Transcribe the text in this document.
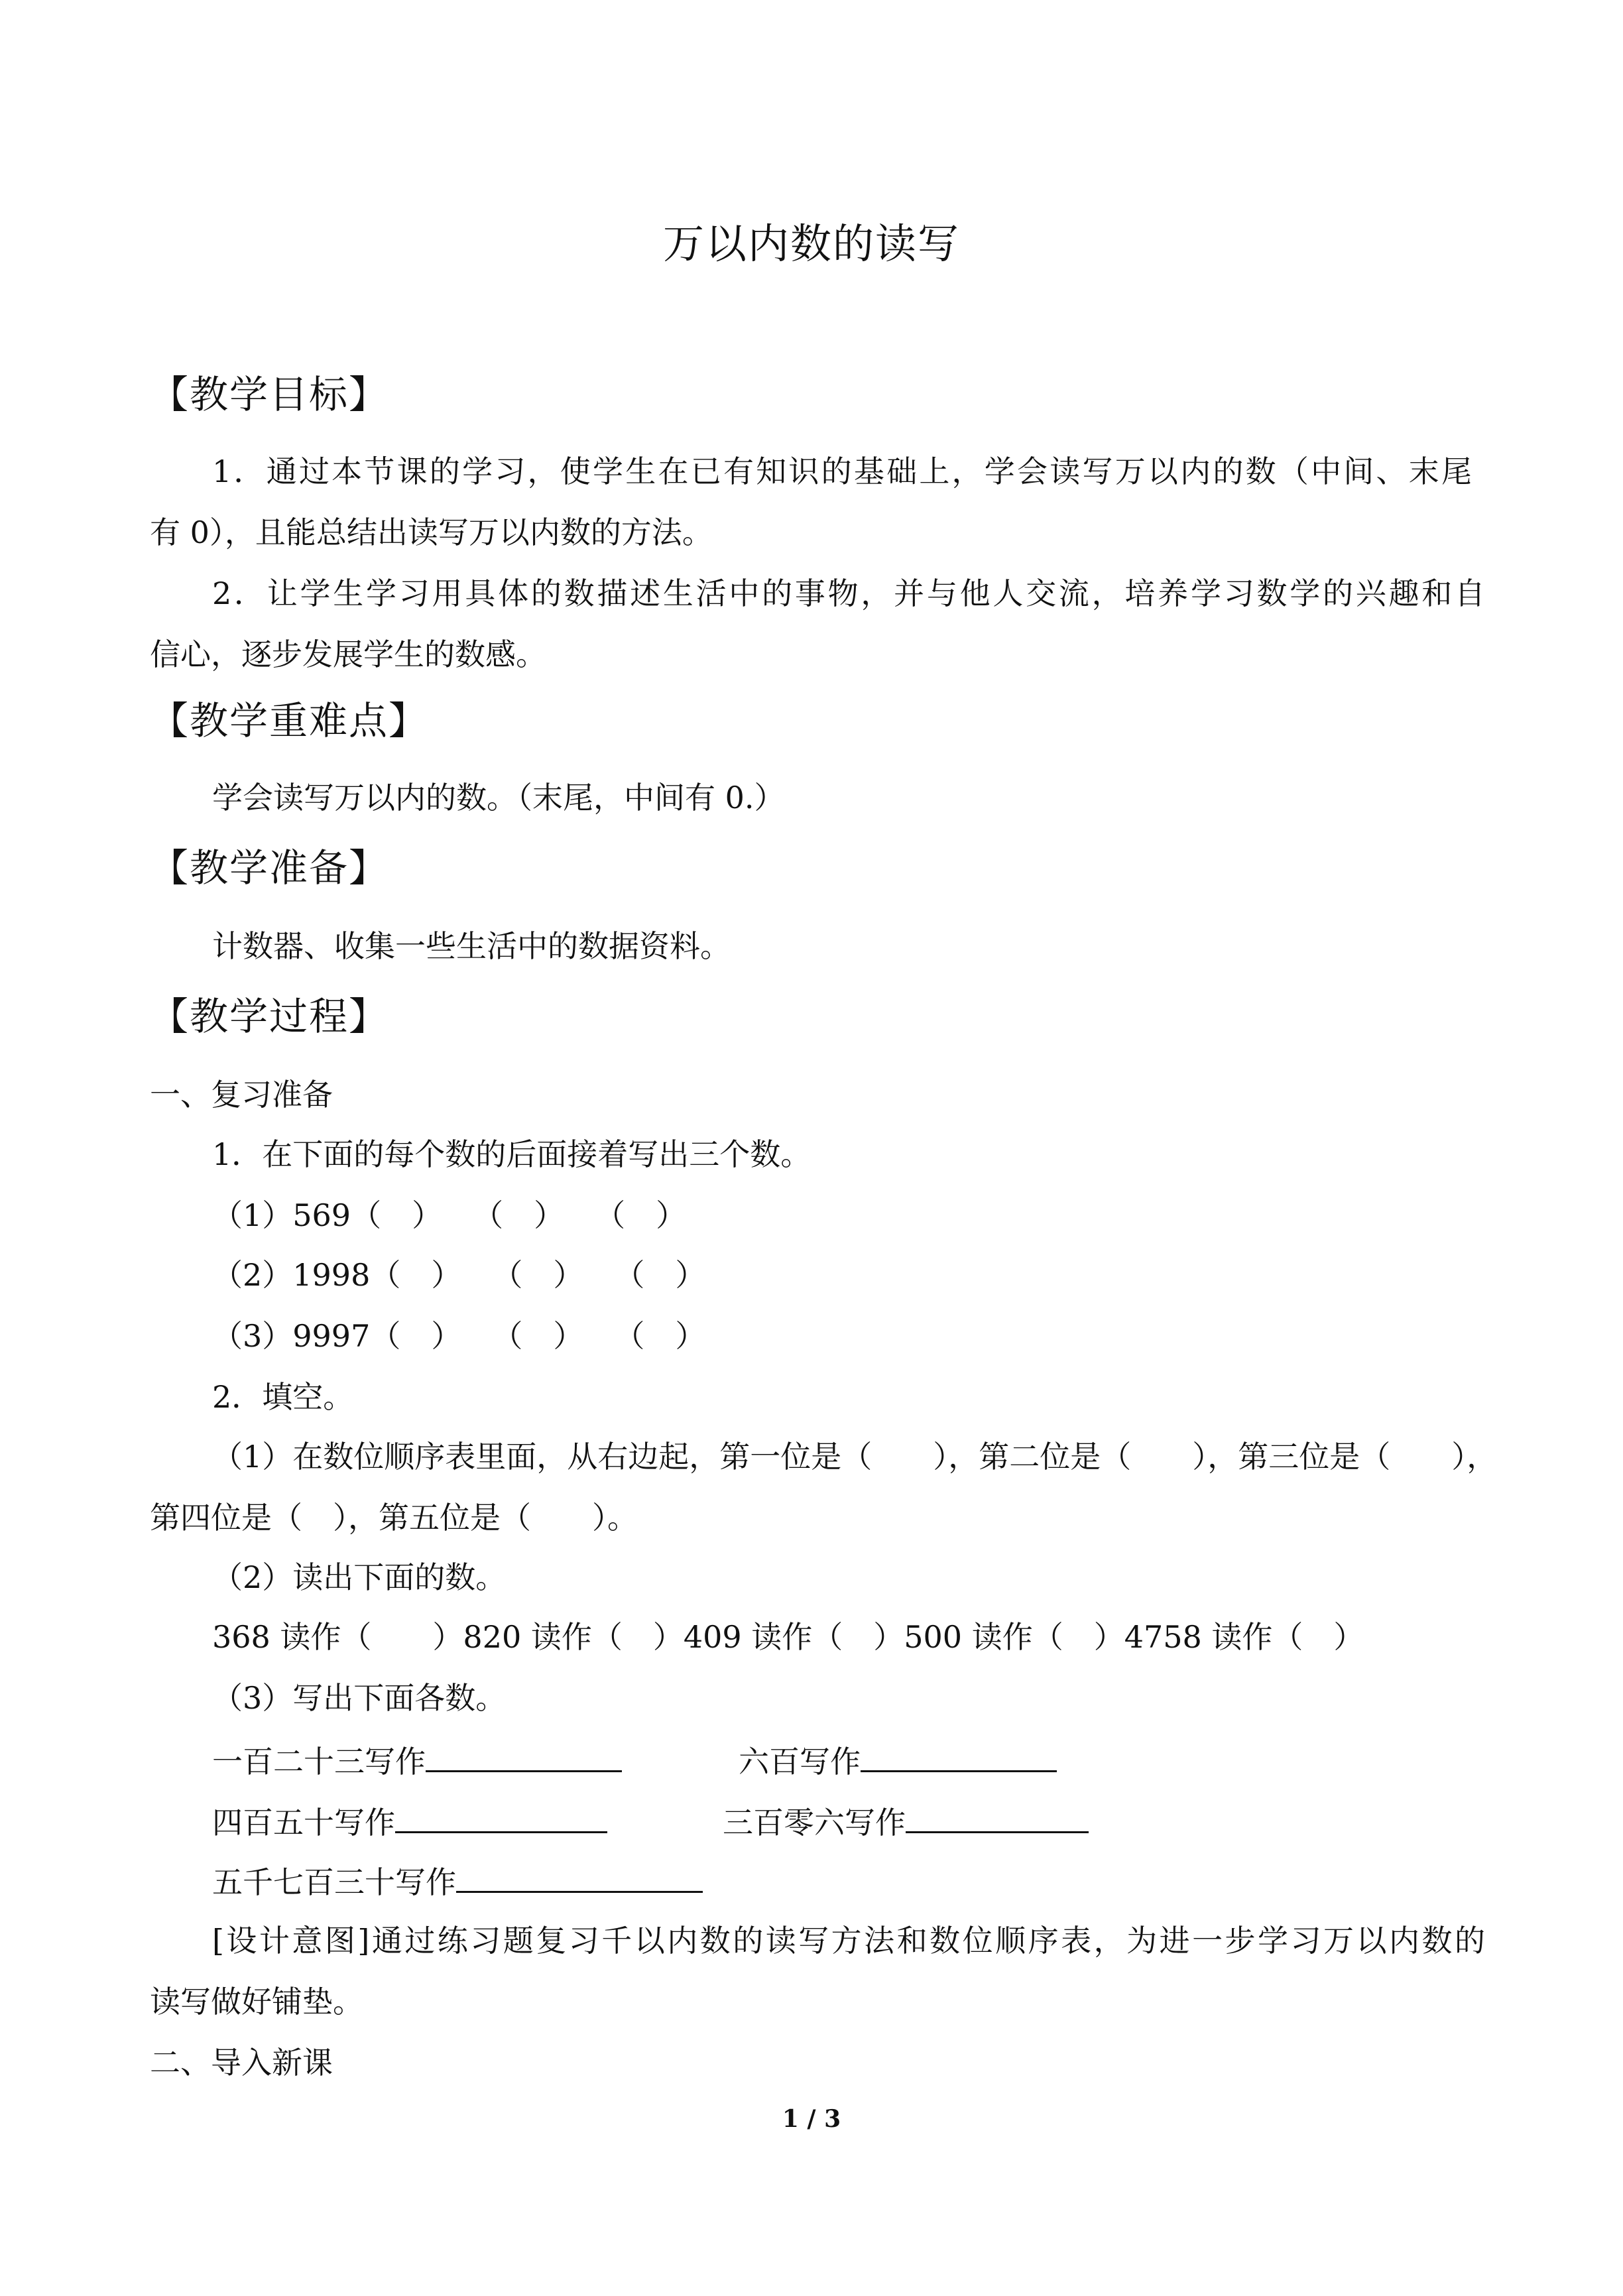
万以内数的读写
【教学目标】
1．通过本节课的学习，使学生在已有知识的基础上，学会读写万以内的数（中间、末尾
有 0），且能总结出读写万以内数的方法。
2．让学生学习用具体的数描述生活中的事物，并与他人交流，培养学习数学的兴趣和自
信心，逐步发展学生的数感。
【教学重难点】
学会读写万以内的数。（末尾，中间有 0.）
【教学准备】
计数器、收集一些生活中的数据资料。
【教学过程】
一、复习准备
1．在下面的每个数的后面接着写出三个数。
（1）569（　）　　（　）　　（　）
（2）1998（　）　　（　）　　（　）
（3）9997（　）　　（　）　　（　）
2．填空。
（1）在数位顺序表里面，从右边起，第一位是（　　），第二位是（　　），第三位是（　　），
第四位是（　），第五位是（　　）。
（2）读出下面的数。
368 读作（　　）820 读作（　）409 读作（　）500 读作（　）4758 读作（　）
（3）写出下面各数。
一百二十三写作	六百写作
四百五十写作	三百零六写作
五千七百三十写作
[设计意图]通过练习题复习千以内数的读写方法和数位顺序表，为进一步学习万以内数的
读写做好铺垫。
二、导入新课
1 / 3
